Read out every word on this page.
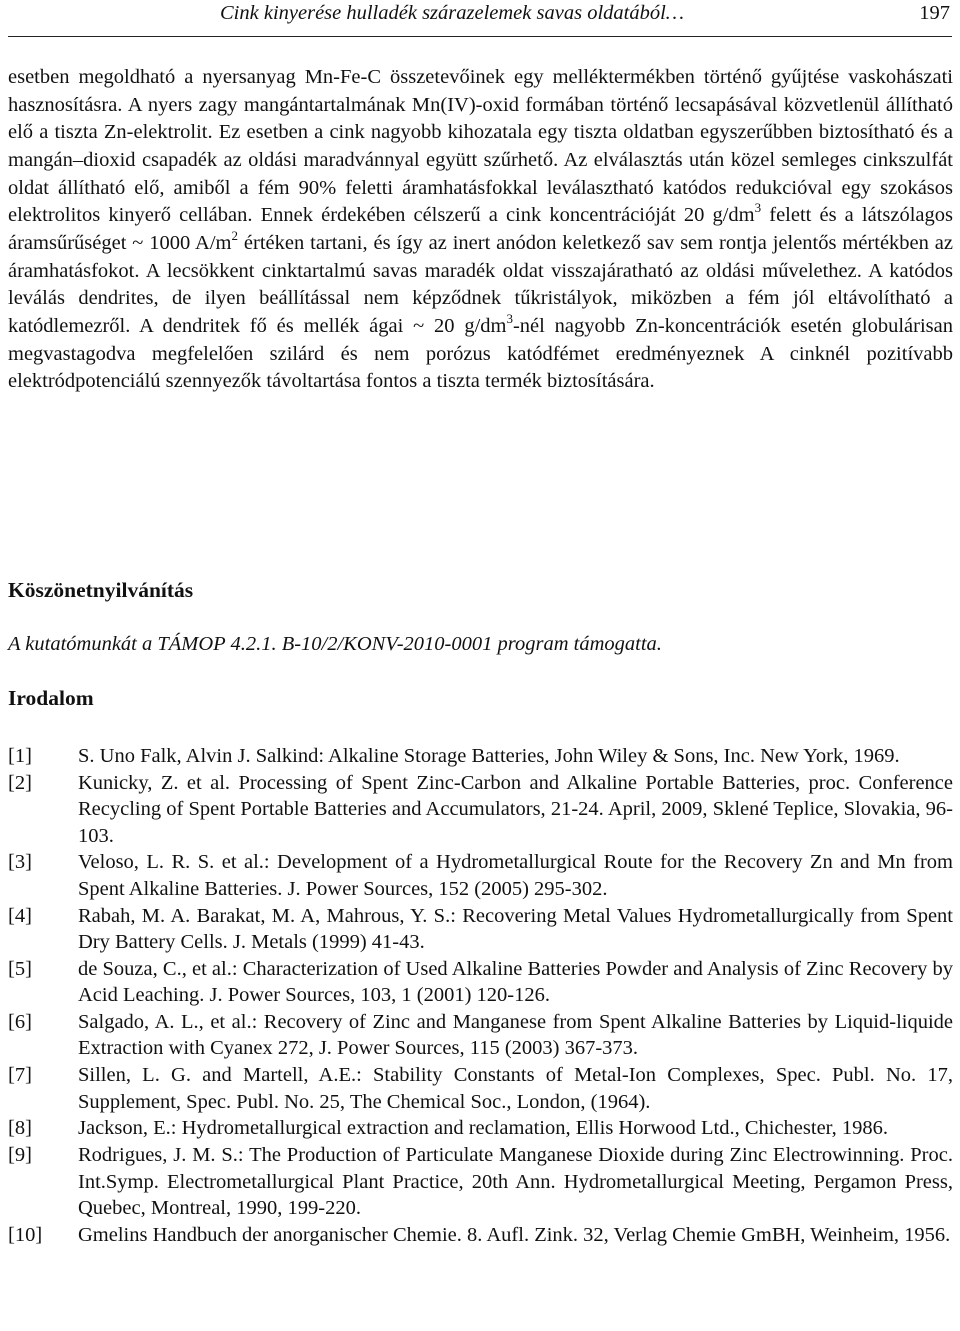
Cink kinyerése hulladék szárazelemek savas oldatából…	197

esetben megoldható a nyersanyag Mn-Fe-C összetevőinek egy melléktermékben történő gyűjtése vaskohászati hasznosításra. A nyers zagy mangántartalmának Mn(IV)-oxid formában történő lecsapásával közvetlenül állítható elő a tiszta Zn-elektrolit. Ez esetben a cink nagyobb kihozatala egy tiszta oldatban egyszerűbben biztosítható és a mangán–dioxid csapadék az oldási maradvánnyal együtt szűrhető. Az elválasztás után közel semleges cinkszulfát oldat állítható elő, amiből a fém 90% feletti áramhatásfokkal leválasztható katódos redukcióval egy szokásos elektrolitos kinyerő cellában. Ennek érdekében célszerű a cink koncentrációját 20 $g/dm^3$ felett és a látszólagos áramsűrűséget ~ 1000 $A/m^2$ értéken tartani, és így az inert anódon keletkező sav sem rontja jelentős mértékben az áramhatásfokot. A lecsökkent cinktartalmú savas maradék oldat visszajáratható az oldási művelethez. A katódos leválás dendrites, de ilyen beállítással nem képződnek tűkristályok, miközben a fém jól eltávolítható a katódlemezről. A dendritek fő és mellék ágai ~ 20 $g/dm^3$-nél nagyobb Zn-koncentrációk esetén globulárisan megvastagodva megfelelően szilárd és nem porózus katódfémet eredményeznek A cinknél pozitívabb elektródpotenciálú szennyezők távoltartása fontos a tiszta termék biztosítására.

Köszönetnyilvánítás
A kutatómunkát a TÁMOP 4.2.1. B-10/2/KONV-2010-0001 program támogatta.
Irodalom
[1] S. Uno Falk, Alvin J. Salkind: Alkaline Storage Batteries, John Wiley & Sons, Inc. New York, 1969.
[2] Kunicky, Z. et al. Processing of Spent Zinc-Carbon and Alkaline Portable Batteries, proc. Conference Recycling of Spent Portable Batteries and Accumulators, 21-24. April, 2009, Sklené Teplice, Slovakia, 96-103.
[3] Veloso, L. R. S. et al.: Development of a Hydrometallurgical Route for the Recovery Zn and Mn from Spent Alkaline Batteries. J. Power Sources, 152 (2005) 295-302.
[4] Rabah, M. A. Barakat, M. A, Mahrous, Y. S.: Recovering Metal Values Hydrometallurgically from Spent Dry Battery Cells. J. Metals (1999) 41-43.
[5] de Souza, C., et al.: Characterization of Used Alkaline Batteries Powder and Analysis of Zinc Recovery by Acid Leaching. J. Power Sources, 103, 1 (2001) 120-126.
[6] Salgado, A. L., et al.: Recovery of Zinc and Manganese from Spent Alkaline Batteries by Liquid-liquide Extraction with Cyanex 272, J. Power Sources, 115 (2003) 367-373.
[7] Sillen, L. G. and Martell, A.E.: Stability Constants of Metal-Ion Complexes, Spec. Publ. No. 17, Supplement, Spec. Publ. No. 25, The Chemical Soc., London, (1964).
[8] Jackson, E.: Hydrometallurgical extraction and reclamation, Ellis Horwood Ltd., Chichester, 1986.
[9] Rodrigues, J. M. S.: The Production of Particulate Manganese Dioxide during Zinc Electrowinning. Proc. Int.Symp. Electrometallurgical Plant Practice, 20th Ann. Hydrometallurgical Meeting, Pergamon Press, Quebec, Montreal, 1990, 199-220.
[10] Gmelins Handbuch der anorganischer Chemie. 8. Aufl. Zink. 32, Verlag Chemie GmBH, Weinheim, 1956.
